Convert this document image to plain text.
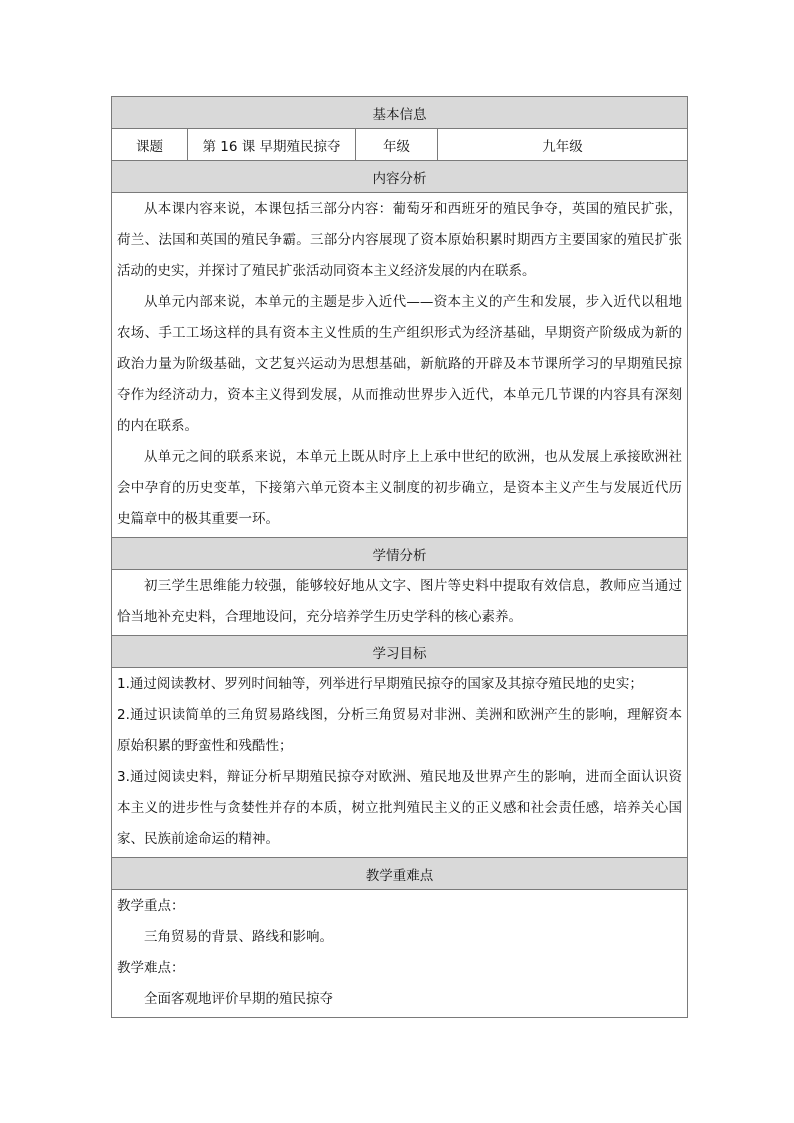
基本信息
课题	第 16 课 早期殖民掠夺	年级	九年级
内容分析

从本课内容来说，本课包括三部分内容：葡萄牙和西班牙的殖民争夺，英国的殖民扩张，荷兰、法国和英国的殖民争霸。三部分内容展现了资本原始积累时期西方主要国家的殖民扩张活动的史实，并探讨了殖民扩张活动同资本主义经济发展的内在联系。

从单元内部来说，本单元的主题是步入近代——资本主义的产生和发展，步入近代以租地农场、手工工场这样的具有资本主义性质的生产组织形式为经济基础，早期资产阶级成为新的政治力量为阶级基础，文艺复兴运动为思想基础，新航路的开辟及本节课所学习的早期殖民掠夺作为经济动力，资本主义得到发展，从而推动世界步入近代，本单元几节课的内容具有深刻的内在联系。

从单元之间的联系来说，本单元上既从时序上上承中世纪的欧洲，也从发展上承接欧洲社会中孕育的历史变革，下接第六单元资本主义制度的初步确立，是资本主义产生与发展近代历史篇章中的极其重要一环。

学情分析

初三学生思维能力较强，能够较好地从文字、图片等史料中提取有效信息，教师应当通过恰当地补充史料，合理地设问，充分培养学生历史学科的核心素养。

学习目标

1.通过阅读教材、罗列时间轴等，列举进行早期殖民掠夺的国家及其掠夺殖民地的史实；

2.通过识读简单的三角贸易路线图，分析三角贸易对非洲、美洲和欧洲产生的影响，理解资本原始积累的野蛮性和残酷性；

3.通过阅读史料，辩证分析早期殖民掠夺对欧洲、殖民地及世界产生的影响，进而全面认识资本主义的进步性与贪婪性并存的本质，树立批判殖民主义的正义感和社会责任感，培养关心国家、民族前途命运的精神。

教学重难点

教学重点：

三角贸易的背景、路线和影响。

教学难点：

全面客观地评价早期的殖民掠夺
